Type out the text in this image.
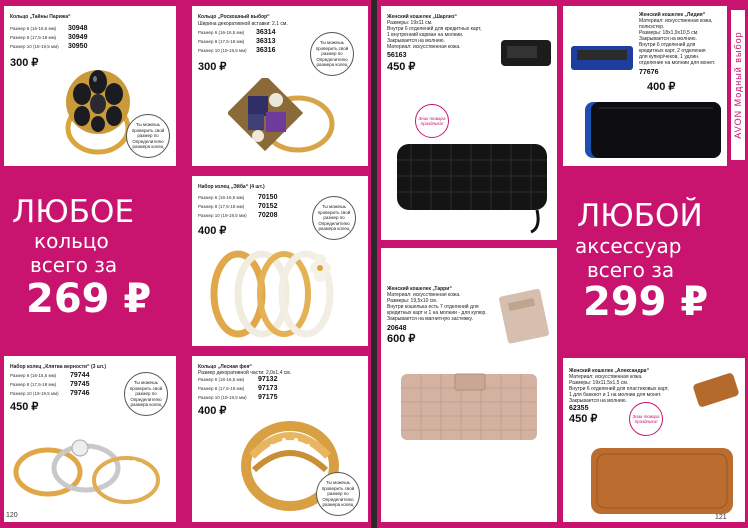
Кольцо „Тайны Парижа“
Размер 6 (16-16,5 мм)
Размер 8 (17,5-18 мм)
Размер 10 (18-19,5 мм)
30948
30949
30950
300 ₽
Ты можешь проверить свой размер по Определителю размера колец
Кольцо „Роскошный выбор“
Ширина декоративной вставки: 2,1 см.
Размер 6 (16-16,5 мм)
Размер 8 (17,5-18 мм)
Размер 10 (19-19,5 мм)
36314
36313
36316
300 ₽
Ты можешь проверить свой размер по Определителю размера колец
Набор колец „Эйба“ (4 шт.)
Размер 6 (16-16,5 мм)
Размер 8 (17,5-18 мм)
Размер 10 (19-19,5 мм)
70150
70152
70208
400 ₽
Ты можешь проверить свой размер по Определителю размера колец
ЛЮБОЕ
кольцо
всего за
269 ₽
Набор колец „Клятва верности“ (3 шт.)
Размер 6 (16-16,5 мм)
Размер 8 (17,5-18 мм)
Размер 10 (19-19,5 мм)
79744
79745
79746
450 ₽
Ты можешь проверить свой размер по Определителю размера колец
120
Кольцо „Лесная фея“
Размер декоративной части: 2,0х1,4 см.
Размер 6 (16-16,5 мм)
Размер 8 (17,5-18 мм)
Размер 10 (19-19,5 мм)
97132
97173
97175
400 ₽
Ты можешь проверить свой размер по Определителю размера колец
Женский кошелек „Шарлиз“
Размеры: 19х11 см.
Внутри 6 отделений для кредитных карт,
1 внутренний карман на молнии.
Закрывается на молнию.
Материал: искусственная кожа.
56163
450 ₽
Знак товара праздника!
Женский кошелек „Лидия“
Материал: искусственная кожа,
полиэстер.
Размеры: 18х1,9х10,5 см.
Закрывается на молнию.
Внутри 6 отделений для
кредитных карт, 2 отделения
для купюр/чеков, 1 удлин.
отделение на молнии для монет.
77676
400 ₽	AVON Модный выбор
ЛЮБОЙ
аксессуар
всего за
299 ₽
Женский кошелек „Тарри“
Материал: искусственная кожа.
Размеры: 19,5х10 см.
Внутри кошелька есть 7 отделений для
кредитных карт и 1 на молнии - для купюр.
Закрывается на магнитную застежку.
20648
600 ₽
Женский кошелек „Александра“
Материал: искусственная кожа.
Размеры: 19х11,5х1,5 см.
Внутри 6 отделений для пластиковых карт,
1 для банкнот и 1 на молнии для монет.
Закрывается на молнию.
62355
450 ₽	Знак товара праздника!
121
